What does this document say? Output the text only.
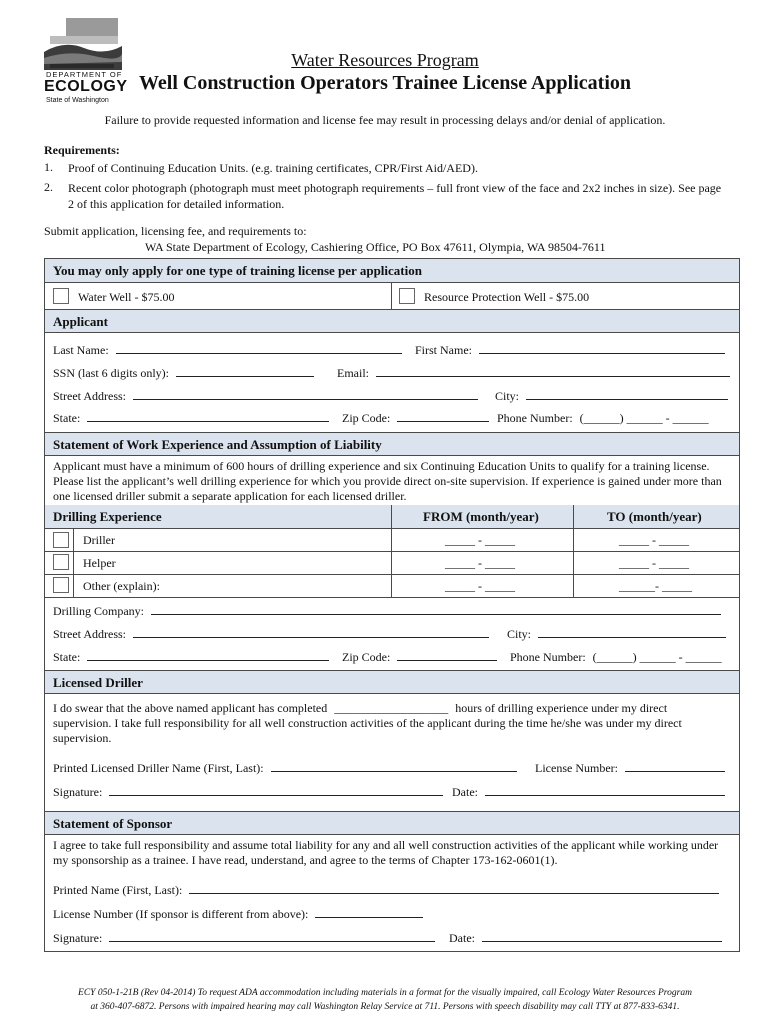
DEPARTMENT OF
ECOLOGY
State of Washington
Water Resources Program
Well Construction Operators Trainee License Application
Failure to provide requested information and license fee may result in processing delays and/or denial of application.
Requirements:
1. Proof of Continuing Education Units. (e.g. training certificates, CPR/First Aid/AED).
2. Recent color photograph (photograph must meet photograph requirements – full front view of the face and 2x2 inches in size). See page 2 of this application for detailed information.
Submit application, licensing fee, and requirements to:
WA State Department of Ecology, Cashiering Office, PO Box 47611, Olympia, WA 98504-7611
You may only apply for one type of training license per application
Water Well - $75.00	Resource Protection Well - $75.00
Applicant
Last Name:	First Name:
SSN (last 6 digits only):	Email:
Street Address:	City:
State:	Zip Code:	Phone Number: (______) ______ - ______
Statement of Work Experience and Assumption of Liability
Applicant must have a minimum of 600 hours of drilling experience and six Continuing Education Units to qualify for a training license. Please list the applicant’s well drilling experience for which you provide direct on-site supervision. If experience is gained under more than one licensed driller submit a separate application for each licensed driller.
Drilling Experience	FROM (month/year)	TO (month/year)
Driller	_____ - _____	_____ - _____
Helper	_____ - _____	_____ - _____
Other (explain):	_____ - _____	______- _____
Drilling Company:
Street Address:	City:
State:	Zip Code:	Phone Number: (______) ______ - ______
Licensed Driller
I do swear that the above named applicant has completed ___________________ hours of drilling experience under my direct
supervision. I take full responsibility for all well construction activities of the applicant during the time he/she was under my direct supervision.
Printed Licensed Driller Name (First, Last):	License Number:
Signature:	Date:
Statement of Sponsor
I agree to take full responsibility and assume total liability for any and all well construction activities of the applicant while working under my sponsorship as a trainee. I have read, understand, and agree to the terms of Chapter 173-162-0601(1).
Printed Name (First, Last):
License Number (If sponsor is different from above):
Signature:	Date:
ECY 050-1-21B (Rev 04-2014) To request ADA accommodation including materials in a format for the visually impaired, call Ecology Water Resources Program
at 360-407-6872. Persons with impaired hearing may call Washington Relay Service at 711. Persons with speech disability may call TTY at 877-833-6341.
